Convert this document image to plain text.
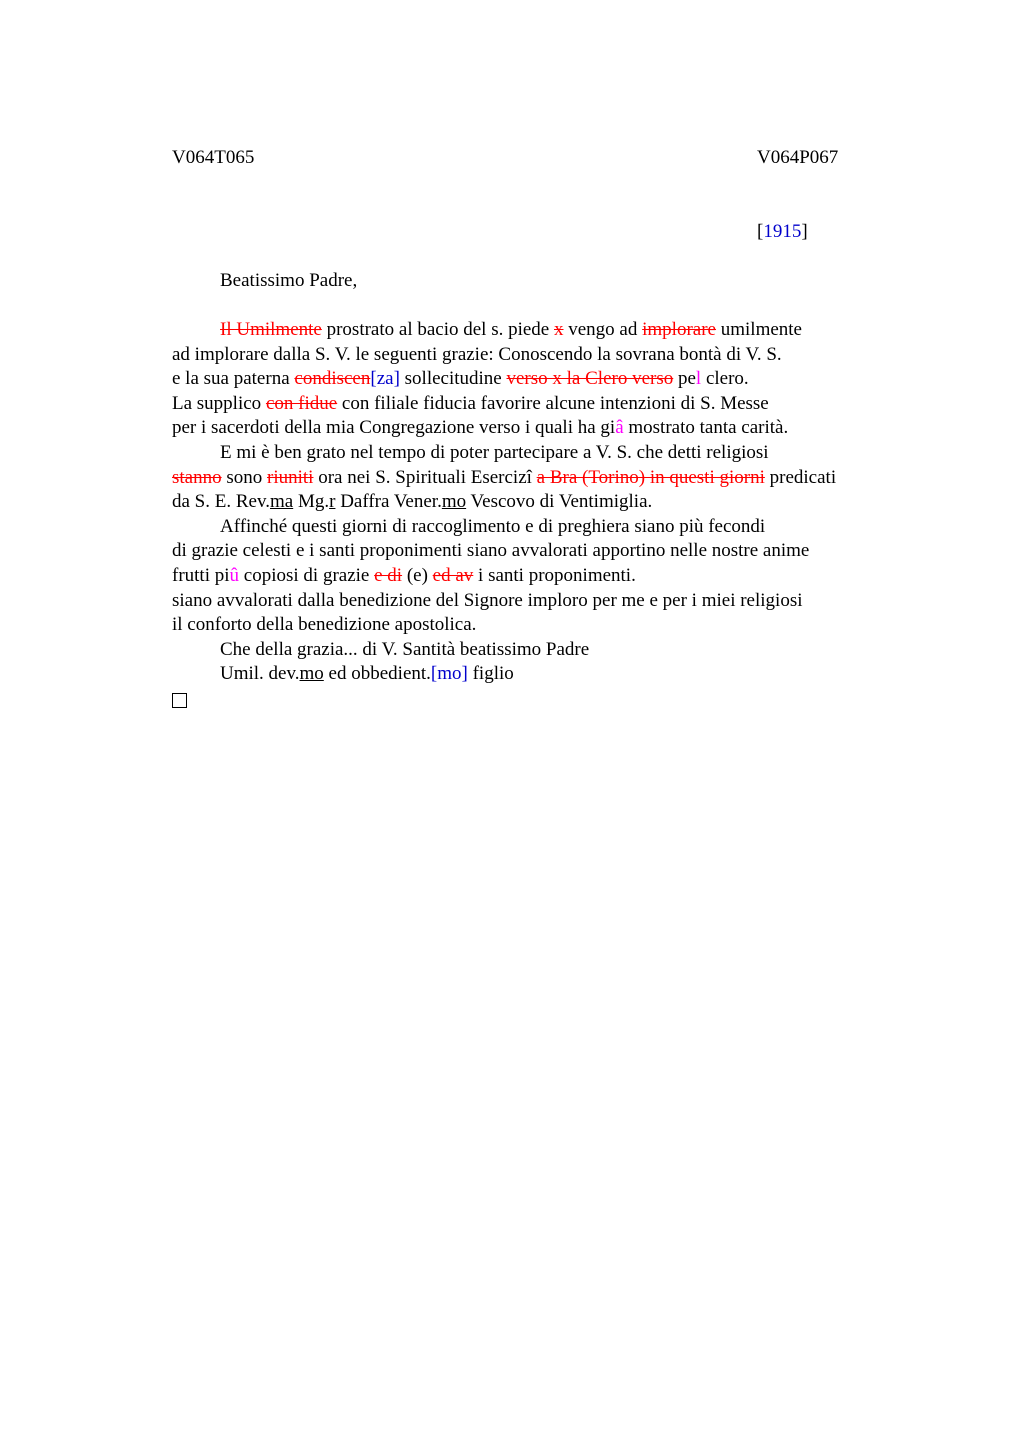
V064T065	V064P067
[1915]
Beatissimo Padre,
Il Umilmente prostrato al bacio del s. piede x vengo ad implorare umilmente
ad implorare dalla S. V. le seguenti grazie: Conoscendo la sovrana bontà di V. S.
e la sua paterna condiscen[za] sollecitudine verso x la Clero verso pel clero.
La supplico con fidue con filiale fiducia favorire alcune intenzioni di S. Messe
per i sacerdoti della mia Congregazione verso i quali ha giâ mostrato tanta carità.
E mi è ben grato nel tempo di poter partecipare a V. S. che detti religiosi
stanno sono riuniti ora nei S. Spirituali Esercizî a Bra (Torino) in questi giorni predicati
da S. E. Rev.ma Mg.r Daffra Vener.mo Vescovo di Ventimiglia.
Affinché questi giorni di raccoglimento e di preghiera siano più fecondi
di grazie celesti e i santi proponimenti siano avvalorati apportino nelle nostre anime
frutti piû copiosi di grazie e di (e) ed av i santi proponimenti.
siano avvalorati dalla benedizione del Signore imploro per me e per i miei religiosi
il conforto della benedizione apostolica.
Che della grazia... di V. Santità beatissimo Padre
Umil. dev.mo ed obbedient.[mo] figlio
